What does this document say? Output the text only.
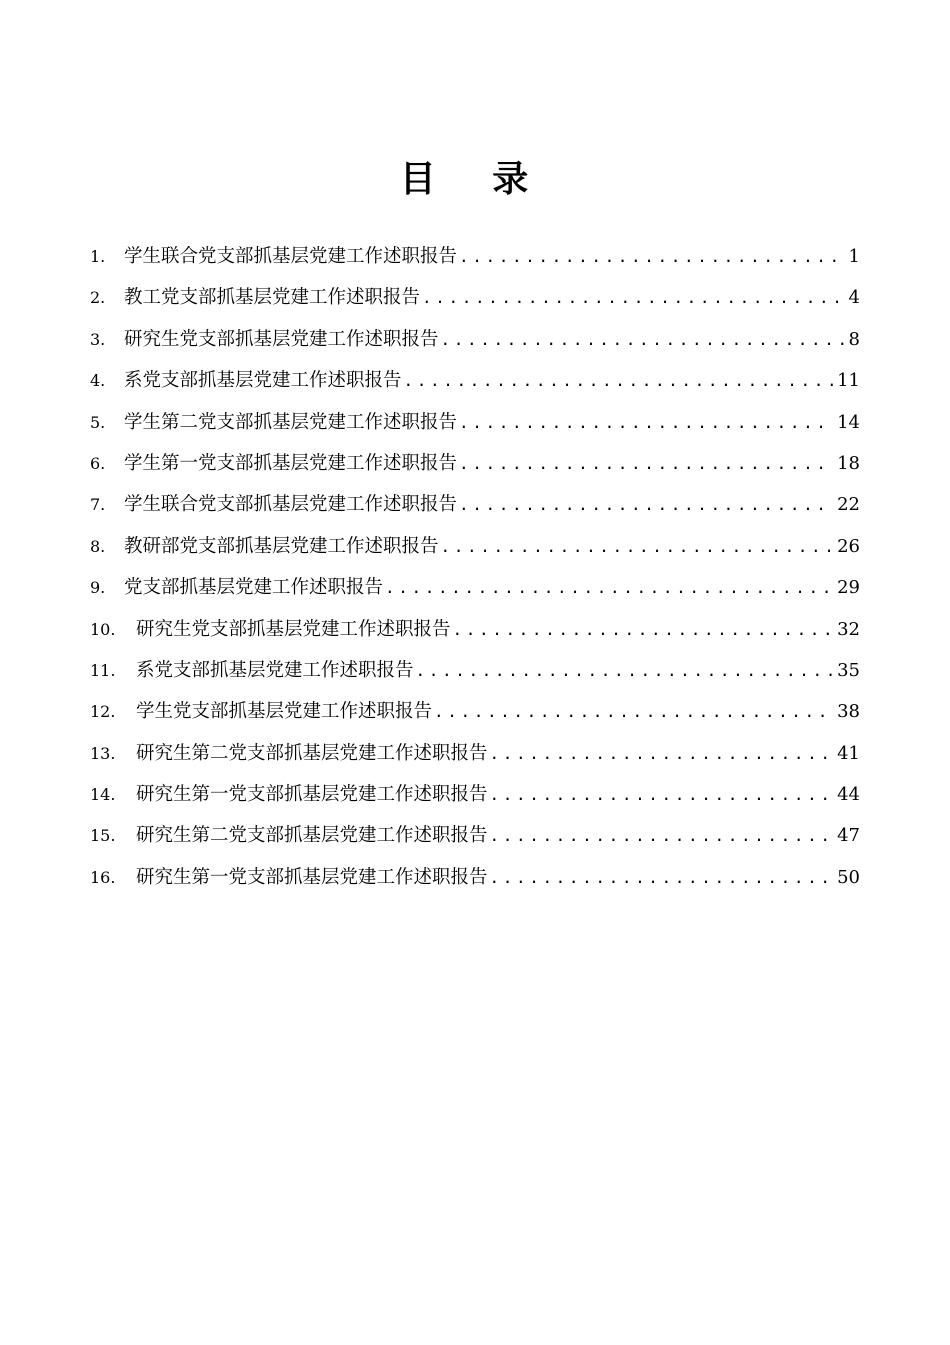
目 录
1.	学生联合党支部抓基层党建工作述职报告 .....	1
2.	教工党支部抓基层党建工作述职报告 .....	4
3.	研究生党支部抓基层党建工作述职报告 .....	8
4.	系党支部抓基层党建工作述职报告 .....	11
5.	学生第二党支部抓基层党建工作述职报告 .....	14
6.	学生第一党支部抓基层党建工作述职报告 .....	18
7.	学生联合党支部抓基层党建工作述职报告 .....	22
8.	教研部党支部抓基层党建工作述职报告 .....	26
9.	党支部抓基层党建工作述职报告 .....	29
10.	研究生党支部抓基层党建工作述职报告 .....	32
11.	系党支部抓基层党建工作述职报告 .....	35
12.	学生党支部抓基层党建工作述职报告 .....	38
13.	研究生第二党支部抓基层党建工作述职报告 .....	41
14.	研究生第一党支部抓基层党建工作述职报告 .....	44
15.	研究生第二党支部抓基层党建工作述职报告 .....	47
16.	研究生第一党支部抓基层党建工作述职报告 .....	50
